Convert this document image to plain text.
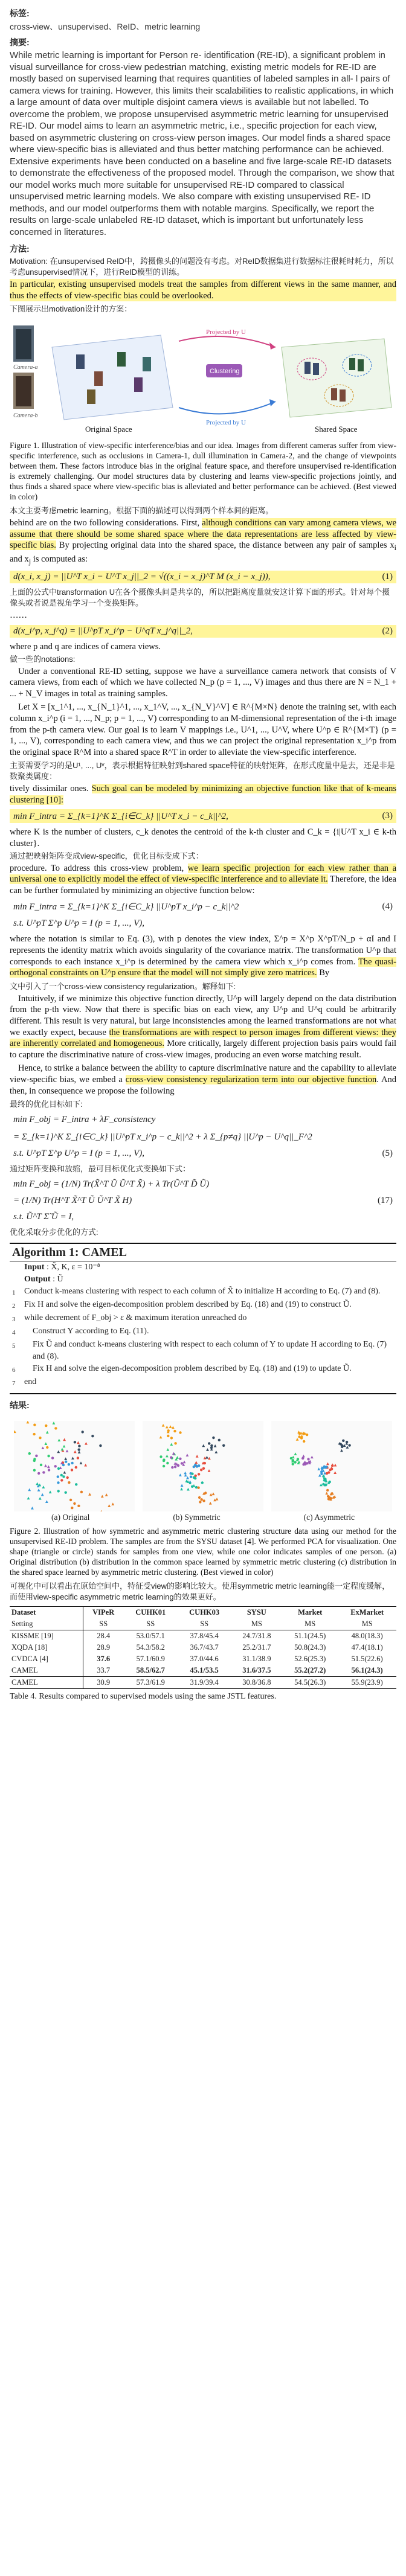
标签:
cross-view、unsupervised、ReID、metric learning
摘要:
While metric learning is important for Person re- identification (RE-ID), a significant problem in visual surveillance for cross-view pedestrian matching, existing metric models for RE-ID are mostly based on supervised learning that requires quantities of labeled samples in all- l pairs of camera views for training. However, this limits their scalabilities to realistic applications, in which a large amount of data over multiple disjoint camera views is available but not labelled. To overcome the problem, we propose unsupervised asymmetric metric learning for unsupervised RE-ID. Our model aims to learn an asymmetric metric, i.e., specific projection for each view, based on asymmetric clustering on cross-view person images. Our model finds a shared space where view-specific bias is alleviated and thus better matching performance can be achieved. Extensive experiments have been conducted on a baseline and five large-scale RE-ID datasets to demonstrate the effectiveness of the proposed model. Through the comparison, we show that our model works much more suitable for unsupervised RE-ID compared to classical unsupervised metric learning models. We also compare with existing unsupervised RE- ID methods, and our model outperforms them with notable margins. Specifically, we report the results on large-scale unlabeled RE-ID dataset, which is important but unfortunately less concerned in literatures.
方法:
Motivation: 在unsupervised ReID中，跨摄像头的问题没有考虑。对ReID数据集进行数据标注很耗时耗力，所以考虑unsupervised情况下，进行ReID模型的训练。

In particular, existing unsupervised models treat the samples from different views in the same manner, and thus the effects of view-specific bias could be overlooked.

下图展示出motivation设计的方案：
Camera-a
Camera-b
Original Space
Projected by U
Clustering
Projected by U
Shared Space
Figure 1. Illustration of view-specific interference/bias and our idea. Images from different cameras suffer from view-specific interference, such as occlusions in Camera-1, dull illumination in Camera-2, and the change of viewpoints between them. These factors introduce bias in the original feature space, and therefore unsupervised re-identification is extremely challenging. Our model structures data by clustering and learns view-specific projections jointly, and thus finds a shared space where view-specific bias is alleviated and better performance can be achieved. (Best viewed in color)
本文主要考虑metric learning。根据下面的描述可以得到两个样本间的距离。

behind are on the two following considerations. First, although conditions can vary among camera views, we assume that there should be some shared space where the data representations are less affected by view-specific bias. By projecting original data into the shared space, the distance between any pair of samples $x_i$ and $x_j$ is computed as:

d(x_i, x_j) = ||U^T x_i − U^T x_j||_2 = √((x_i − x_j)^T M (x_i − x_j)),	(1)
上面的公式中transformation U在各个摄像头间是共享的，所以把距离度量就安这计算下面的形式。针对每个摄像头或者说是视角学习一个变换矩阵。
……
d(x_i^p, x_j^q) = ||U^pT x_i^p − U^qT x_j^q||_2,	(2)
where p and q are indices of camera views.
做一些的notations:

Under a conventional RE-ID setting, suppose we have a surveillance camera network that consists of V camera views, from each of which we have collected N_p (p = 1, ..., V) images and thus there are N = N_1 + ... + N_V images in total as training samples.

Let X = [x_1^1, ..., x_{N_1}^1, ..., x_1^V, ..., x_{N_V}^V] ∈ R^{M×N} denote the training set, with each column x_i^p (i = 1, ..., N_p; p = 1, ..., V) corresponding to an M-dimensional representation of the i-th image from the p-th camera view. Our goal is to learn V mappings i.e., U^1, ..., U^V, where U^p ∈ R^{M×T} (p = 1, ..., V), corresponding to each camera view, and thus we can project the original representation x_i^p from the original space R^M into a shared space R^T in order to alleviate the view-specific interference.

主要需要学习的是U¹, ..., Uᵛ，表示根据特征映射到shared space特征的映射矩阵，在形式度量中是去，还是非是数聚类属度：

tively dissimilar ones. Such goal can be modeled by minimizing an objective function like that of k-means clustering [10]:

min F_intra = Σ_{k=1}^K Σ_{i∈C_k} ||U^T x_i − c_k||^2,	(3)
where K is the number of clusters, c_k denotes the centroid of the k-th cluster and C_k = {i|U^T x_i ∈ k-th cluster}.
通过把映射矩阵变成view-specific，优化目标变成下式：

procedure. To address this cross-view problem, we learn specific projection for each view rather than a universal one to explicitly model the effect of view-specific interference and to alleviate it. Therefore, the idea can be further formulated by minimizing an objective function below:

min F_intra = Σ_{k=1}^K Σ_{i∈C_k} ||U^pT x_i^p − c_k||^2	(4)
s.t. U^pT Σ^p U^p = I (p = 1, ..., V),

where the notation is similar to Eq. (3), with p denotes the view index, Σ^p = X^p X^pT/N_p + αI and I represents the identity matrix which avoids singularity of the covariance matrix. The transformation U^p that corresponds to each instance x_i^p is determined by the camera view which x_i^p comes from. The quasi-orthogonal constraints on U^p ensure that the model will not simply give zero matrices. By

文中引入了一个cross-view consistency regularization。解释如下:

Intuitively, if we minimize this objective function directly, U^p will largely depend on the data distribution from the p-th view. Now that there is specific bias on each view, any U^p and U^q could be arbitrarily different. This result is very natural, but large inconsistencies among the learned transformations are not what we exactly expect, because the transformations are with respect to person images from different views: they are inherently correlated and homogeneous. More critically, largely different projection basis pairs would fail to capture the discriminative nature of cross-view images, producing an even worse matching result.

Hence, to strike a balance between the ability to capture discriminative nature and the capability to alleviate view-specific bias, we embed a cross-view consistency regularization term into our objective function. And then, in consequence we propose the following

最终的优化目标如下:
min F_obj = F_intra + λF_consistency
= Σ_{k=1}^K Σ_{i∈C_k} ||U^pT x_i^p − c_k||^2 + λ Σ_{p≠q} ||U^p − U^q||_F^2
s.t. U^pT Σ^p U^p = I (p = 1, ..., V),	(5)
通过矩阵变换和放缩，最可目标优化式变换如下式：
min F_obj = (1/N) Tr(X̃^T Ũ Ũ^T X̃) + λ Tr(Ũ^T D̃ Ũ)
= (1/N) Tr(H^T X̃^T Ũ Ũ^T X̃ H)	(17)
s.t. Ũ^T Σ̃ Ũ = I,
优化采取分步优化的方式:
Algorithm 1: CAMEL
Input : X̃, K, ε = 10⁻⁸
Output : Ũ
1	Conduct k-means clustering with respect to each column of X̃ to initialize H according to Eq. (7) and (8).
2	Fix H and solve the eigen-decomposition problem described by Eq. (18) and (19) to construct Ũ.
3	while decrement of F_obj > ε & maximum iteration unreached do
4	Construct Y according to Eq. (11).
5	Fix Ũ and conduct k-means clustering with respect to each column of Y to update H according to Eq. (7) and (8).
6	Fix H and solve the eigen-decomposition problem described by Eq. (18) and (19) to update Ũ.
7	end
结果:
(a) Original	(b) Symmetric	(c) Asymmetric
Figure 2. Illustration of how symmetric and asymmetric metric clustering structure data using our method for the unsupervised RE-ID problem. The samples are from the SYSU dataset [4]. We performed PCA for visualization. One shape (triangle or circle) stands for samples from one view, while one color indicates samples of one person. (a) Original distribution (b) distribution in the common space learned by symmetric metric clustering (c) distribution in the shared space learned by asymmetric metric clustering. (Best viewed in color)
可视化中可以看出在原始空间中，特征受view的影响比较大。使用symmetric metric learning能一定程度缓解，而使用view-specific asymmetric metric learning的效果更好。
Dataset	VIPeR	CUHK01	CUHK03	SYSU	Market	ExMarket
Setting	SS	SS	SS	MS	MS	MS
KISSME [19]	28.4	53.0/57.1	37.8/45.4	24.7/31.8	51.1(24.5)	48.0(18.3)
XQDA [18]	28.9	54.3/58.2	36.7/43.7	25.2/31.7	50.8(24.3)	47.4(18.1)
CVDCA [4]	37.6	57.1/60.9	37.0/44.6	31.1/38.9	52.6(25.3)	51.5(22.6)
CAMEL	33.7	58.5/62.7	45.1/53.5	31.6/37.5	55.2(27.2)	56.1(24.3)
CAMEL	30.9	57.3/61.9	31.9/39.4	30.8/36.8	54.5(26.3)	55.9(23.9)
Table 4. Results compared to supervised models using the same JSTL features.
